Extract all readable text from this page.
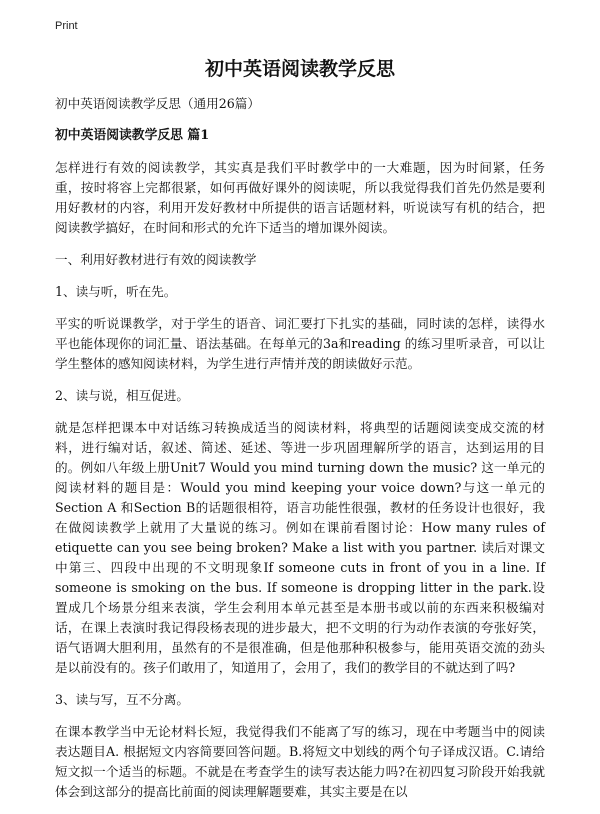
Print
初中英语阅读教学反思

初中英语阅读教学反思（通用26篇）

初中英语阅读教学反思 篇1

怎样进行有效的阅读教学，其实真是我们平时教学中的一大难题，因为时间紧，任务重，按时将容上完都很紧，如何再做好课外的阅读呢，所以我觉得我们首先仍然是要利用好教材的内容，利用开发好教材中所提供的语言话题材料，听说读写有机的结合，把阅读教学搞好，在时间和形式的允许下适当的增加课外阅读。

一、利用好教材进行有效的阅读教学

1、读与听，听在先。

平实的听说课教学，对于学生的语音、词汇要打下扎实的基础，同时读的怎样，读得水平也能体现你的词汇量、语法基础。在每单元的3a和reading 的练习里听录音，可以让学生整体的感知阅读材料，为学生进行声情并茂的朗读做好示范。

2、读与说，相互促进。

就是怎样把课本中对话练习转换成适当的阅读材料，将典型的话题阅读变成交流的材料，进行编对话，叙述、简述、延述、等进一步巩固理解所学的语言，达到运用的目的。例如八年级上册Unit7 Would you mind turning down the music? 这一单元的阅读材料的题目是：Would you mind keeping your voice down?与这一单元的Section A 和Section B的话题很相符，语言功能性很强，教材的任务设计也很好，我在做阅读教学上就用了大量说的练习。例如在课前看图讨论：How many rules of etiquette can you see being broken? Make a list with you partner. 读后对课文中第三、四段中出现的不文明现象If someone cuts in front of you in a line. If someone is smoking on the bus. If someone is dropping litter in the park.设置成几个场景分组来表演，学生会利用本单元甚至是本册书或以前的东西来积极编对话，在课上表演时我记得段杨表现的进步最大，把不文明的行为动作表演的夸张好笑，语气语调大胆利用，虽然有的不是很准确，但是他那种积极参与，能用英语交流的劲头是以前没有的。孩子们敢用了，知道用了，会用了，我们的教学目的不就达到了吗?

3、读与写，互不分离。

在课本教学当中无论材料长短，我觉得我们不能离了写的练习，现在中考题当中的阅读表达题目A. 根据短文内容简要回答问题。B.将短文中划线的两个句子译成汉语。C.请给短文拟一个适当的标题。不就是在考查学生的读写表达能力吗?在初四复习阶段开始我就体会到这部分的提高比前面的阅读理解题要难，其实主要是在以
